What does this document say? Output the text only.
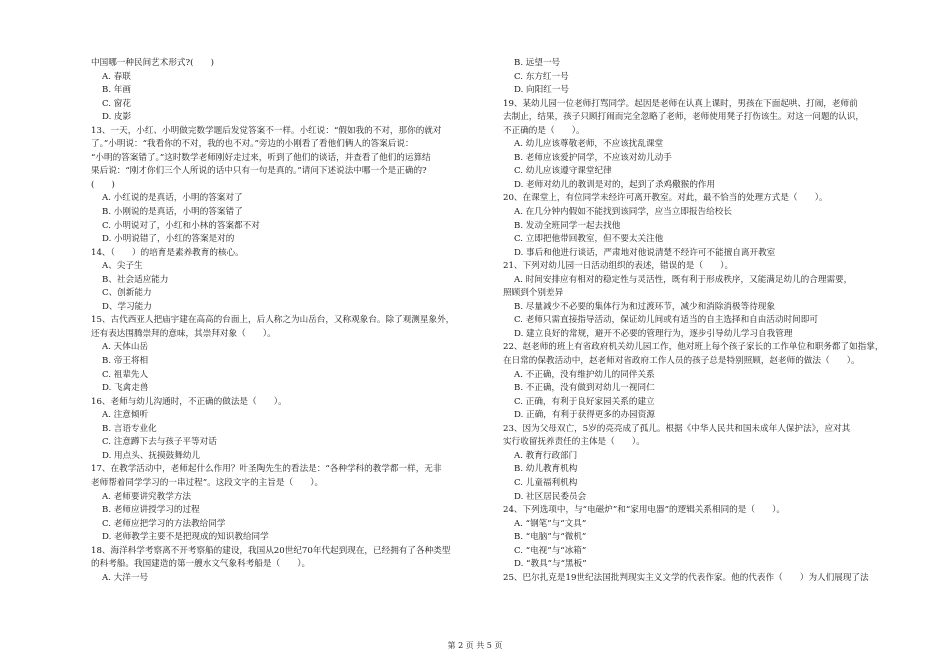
中国哪一种民间艺术形式?(　　)
A. 春联
B. 年画
C. 窗花
D. 皮影
13、一天，小红、小明做完数学题后发觉答案不一样。小红说：“假如我的不对，那你的就对
了。”小明说：“我看你的不对，我的也不对。”旁边的小刚看了看他们俩人的答案后说：
“小明的答案错了。”这时数学老师刚好走过来，听到了他们的谈话，并查看了他们的运算结
果后说：“刚才你们三个人所说的话中只有一句是真的。”请问下述说法中哪一个是正确的?
(　　)
A. 小红说的是真话，小明的答案对了
B. 小刚说的是真话，小明的答案错了
C. 小明说对了，小红和小林的答案都不对
D. 小明说错了，小红的答案是对的
14、（　　）的培育是素养教育的核心。
A、尖子生
B、社会适应能力
C、创新能力
D、学习能力
15、古代西亚人把庙宇建在高高的台面上，后人称之为山岳台，又称观象台。除了观测星象外，
还有表达围腾崇拜的意味，其崇拜对象（　　）。
A. 天体山岳
B. 帝王将相
C. 祖辈先人
D. 飞禽走兽
16、老师与幼儿沟通时，不正确的做法是（　　）。
A. 注意倾听
B. 言语专业化
C. 注意蹲下去与孩子平等对话
D. 用点头、抚摸鼓舞幼儿
17、在教学活动中，老师起什么作用？叶圣陶先生的看法是：“各种学科的教学都一样，无非
老师帮着同学学习的一串过程”。这段文字的主旨是（　　）。
A. 老师要讲究教学方法
B. 老师应讲授学习的过程
C. 老师应把学习的方法教给同学
D. 老师教学主要不是把现成的知识教给同学
18、海洋科学考察离不开考察船的建设，我国从20世纪70年代起到现在，已经拥有了各种类型
的科考船。我国建造的第一艘水文气象科考船是（　　）。
A. 大洋一号
B. 远望一号
C. 东方红一号
D. 向阳红一号
19、某幼儿园一位老师打骂同学。起因是老师在认真上课时，男孩在下面起哄、打闹，老师前
去制止，结果，孩子只顾打闹而完全忽略了老师，老师使用凳子打伤该生。对这一问题的认识，
不正确的是（　　）。
A. 幼儿应该尊敬老师，不应该扰乱课堂
B. 老师应该爱护同学，不应该对幼儿动手
C. 幼儿应该遵守课堂纪律
D. 老师对幼儿的教训是对的，起到了杀鸡儆猴的作用
20、在课堂上，有位同学未经许可离开教室。对此，最不恰当的处理方式是（　　）。
A. 在几分钟内假如不能找到该同学，应当立即报告给校长
B. 发动全班同学一起去找他
C. 立即把他带回教室，但不要太关注他
D. 事后和他进行谈话，严肃地对他说清楚不经许可不能擅自离开教室
21、下列对幼儿园一日活动组织的表述，错误的是（　　）。
A. 时间安排应有相对的稳定性与灵活性，既有利于形成秩序，又能满足幼儿的合理需要，
照顾到个别差异
B. 尽量减少不必要的集体行为和过渡环节，减少和消除消极等待现象
C. 老师只需直接指导活动，保证幼儿间或有适当的自主选择和自由活动时间即可
D. 建立良好的常规，避开不必要的管理行为，逐步引导幼儿学习自我管理
22、赵老师的班上有省政府机关幼儿园工作，他对班上每个孩子家长的工作单位和职务都了如指掌，
在日常的保教活动中，赵老师对省政府工作人员的孩子总是特别照顾，赵老师的做法（　　）。
A. 不正确，没有维护幼儿的同伴关系
B. 不正确，没有做到对幼儿一视同仁
C. 正确，有利于良好家园关系的建立
D. 正确，有利于获得更多的办园资源
23、因为父母双亡，5岁的亮亮成了孤儿。根据《中华人民共和国未成年人保护法》，应对其
实行收留抚养责任的主体是（　　）。
A. 教育行政部门
B. 幼儿教育机构
C. 儿童福利机构
D. 社区居民委员会
24、下列选项中，与“电磁炉”和“家用电器”的逻辑关系相同的是（　　）。
A. “钢笔”与“文具”
B. “电脑”与“微机”
C. “电视”与“冰箱”
D. “教具”与“黑板”
25、巴尔扎克是19世纪法国批判现实主义文学的代表作家。他的代表作（　　）为人们展现了法
第 2 页 共 5 页
